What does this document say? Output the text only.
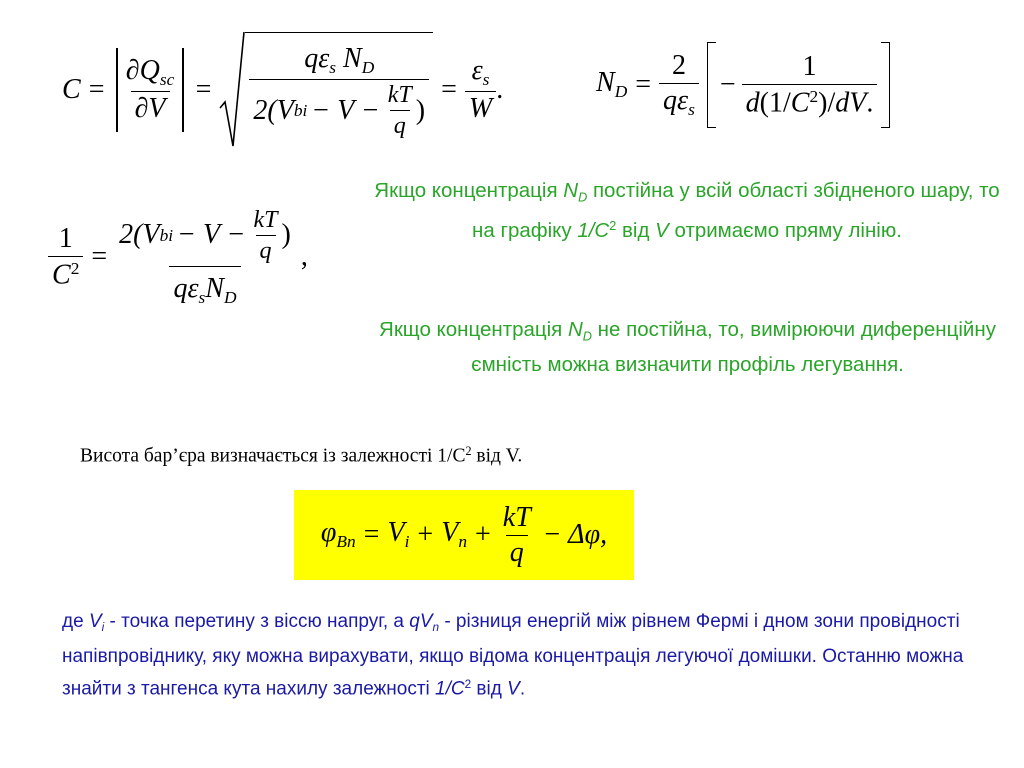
$C = \frac{\partial Q_{sc}}{\partial V}$ =
$q\varepsilon_s$ $N_D$
2(V bi − $V - \frac{kT}{q}$ )
= $\frac{\varepsilon_s}{W}$ .	$N_D = \frac{2}{q\varepsilon_s} - \frac{1}{d(1/C^2)/dV.}$
$\frac{1}{C^2} = \frac{2(V bi - V - \frac{kT}{q} )}{q\varepsilon_sN_D}$ ,
Якщо концентрація $N_D$ постійна у всій області збідненого шару, то на графіку $1/C^2$ від V отримаємо пряму лінію.
Якщо концентрація $N_D$ не постійна, то, вимірюючи диференційну ємність можна визначити профіль легування.
Висота бар’єра визначається із залежності $1/С^2$ від V.
$\varphi_{Bn} = V_i + V_n + \frac{kT}{q} - \Delta\varphi$,
де $V_i$ - точка перетину з віссю напруг, а $qV_n$ - різниця енергій між рівнем Фермі і дном зони провідності напівпровіднику, яку можна вирахувати, якщо відома концентрація легуючої домішки. Останню можна знайти з тангенса кута нахилу залежності $1/C^2$ від V.
